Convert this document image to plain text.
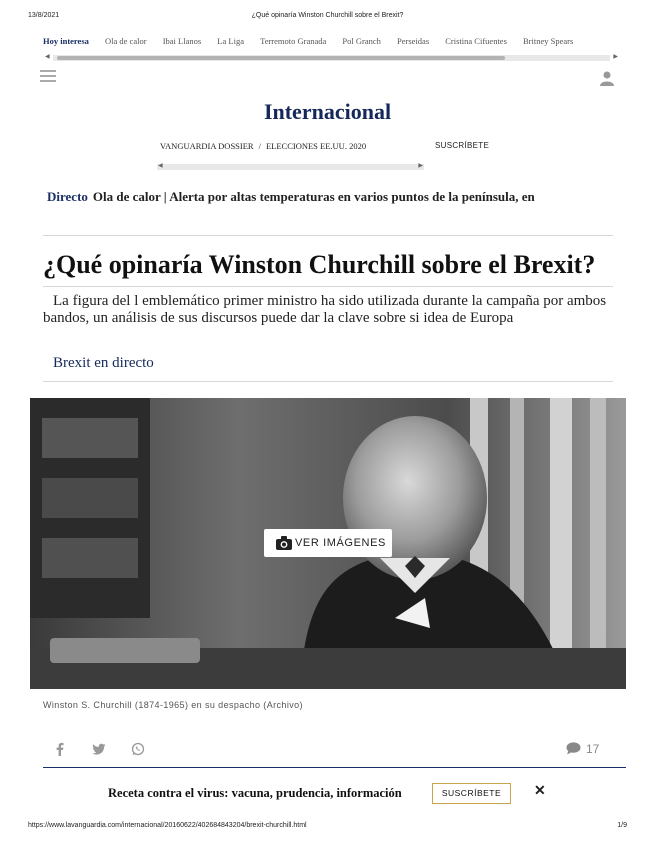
13/8/2021	¿Qué opinaría Winston Churchill sobre el Brexit?
Hoy interesa Ola de calor Ibai Llanos La Liga Terremoto Granada Pol Granch Perseidas Cristina Cifuentes Britney Spears
◀	▶
Internacional
VANGUARDIA DOSSIER / ELECCIONES EE.UU. 2020	SUSCRÍBETE
◀	▶
Directo Ola de calor | Alerta por altas temperaturas en varios puntos de la península, en
¿Qué opinaría Winston Churchill sobre el Brexit?

La figura del l emblemático primer ministro ha sido utilizada durante la campaña por ambos bandos, un análisis de sus discursos puede dar la clave sobre si idea de Europa

Brexit en directo
VER IMÁGENES
Winston S. Churchill (1874-1965) en su despacho (Archivo)
17
Receta contra el virus: vacuna, prudencia, información	SUSCRÍBETE	✕
https://www.lavanguardia.com/internacional/20160622/402684843204/brexit-churchill.html	1/9
